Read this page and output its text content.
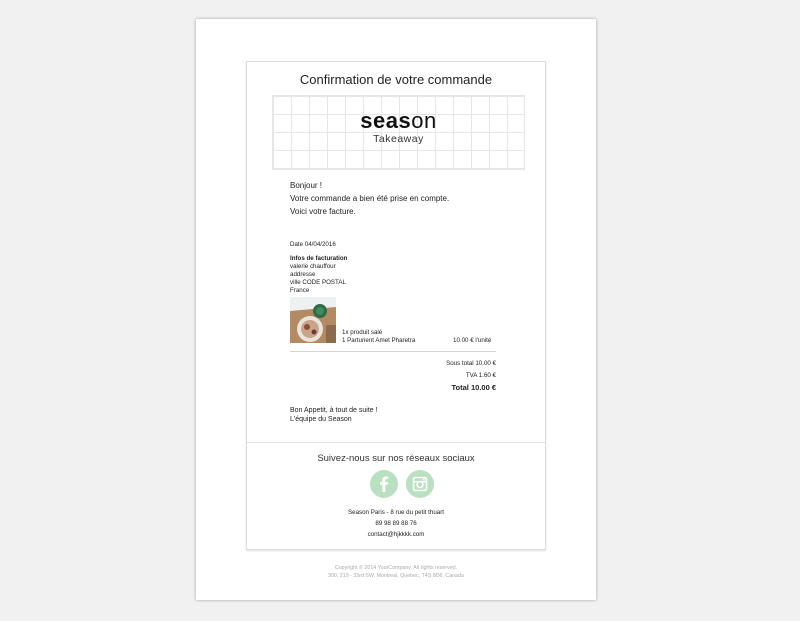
Confirmation de votre commande
season
Takeaway
Bonjour !
Votre commande a bien été prise en compte.
Voici votre facture.
Date 04/04/2016
Infos de facturation
valerie chauffour
addresse
ville CODE POSTAL
France
1x produit salé
1 Parturient Amet Pharetra	10.00 € l'unité
Sous total 10.00 €
TVA 1.60 €
Total 10.00 €
Bon Appetit, à tout de suite !
L'équipe du Season
Suivez-nous sur nos réseaux sociaux
Season Paris - 8 rue du petit thuart
89 98 89 88 76
contact@hjkkkk.com
Copyright © 2014 YourCompany. All rights reserved.
300, 219 - 33rd SW, Montreal, Quebec, T4S 8D6, Canada
